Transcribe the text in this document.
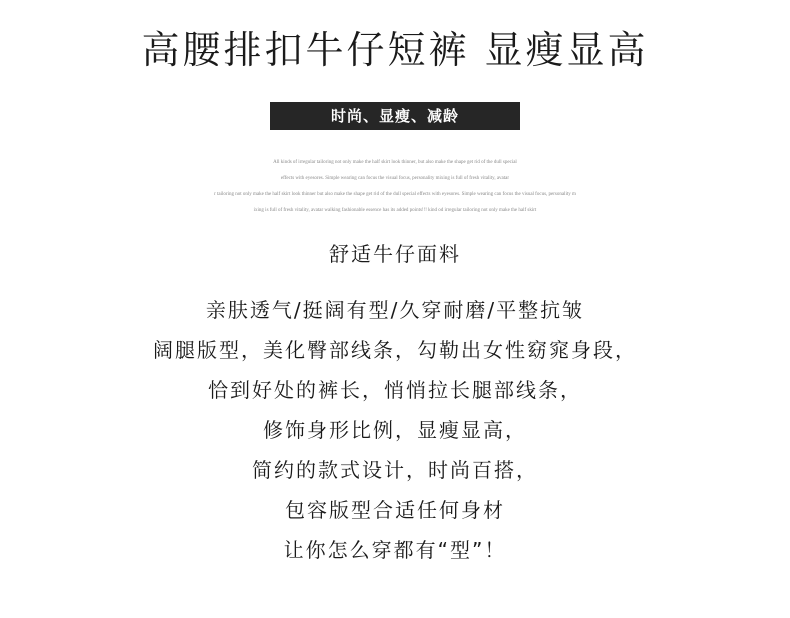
高腰排扣牛仔短裤 显瘦显高
时尚、显瘦、减龄
All kinds of irregular tailoring not only make the half skirt look thinner, but also make the shape get rid of the dull special
effects with eyesores. Simple wearing can focus the visual focus, personality mixing is full of fresh vitality, avatar
r tailoring not only make the half skirt look thinner but also make the shape get rid of the dull special effects with eyesores. Simple wearing can focus the visual focus, personality m
ixing is full of fresh vitality, avatar walking fashionable essence has its added points!!! kind od irregular tailoring not only make the half skirt
舒适牛仔面料
亲肤透气/挺阔有型/久穿耐磨/平整抗皱
阔腿版型，美化臀部线条，勾勒出女性窈窕身段，
恰到好处的裤长，悄悄拉长腿部线条，
修饰身形比例，显瘦显高，
简约的款式设计，时尚百搭，
包容版型合适任何身材
让你怎么穿都有“型”！
